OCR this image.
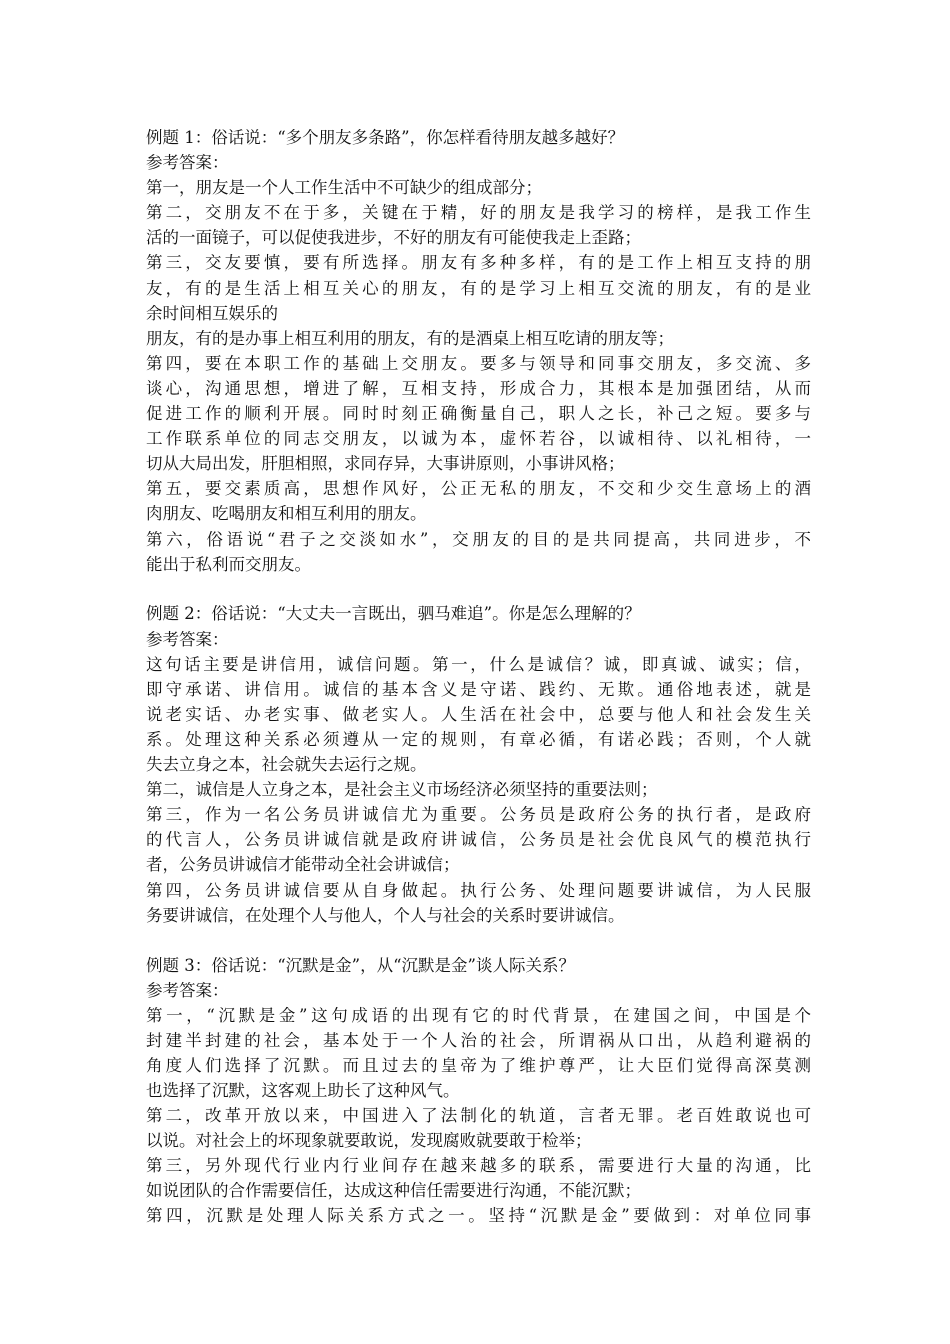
例题 1：俗话说：“多个朋友多条路”，你怎样看待朋友越多越好？
参考答案：
第一，朋友是一个人工作生活中不可缺少的组成部分；
第二，交朋友不在于多，关键在于精，好的朋友是我学习的榜样，是我工作生
活的一面镜子，可以促使我进步，不好的朋友有可能使我走上歪路；
第三，交友要慎，要有所选择。朋友有多种多样，有的是工作上相互支持的朋
友，有的是生活上相互关心的朋友，有的是学习上相互交流的朋友，有的是业
余时间相互娱乐的
朋友，有的是办事上相互利用的朋友，有的是酒桌上相互吃请的朋友等；
第四，要在本职工作的基础上交朋友。要多与领导和同事交朋友，多交流、多
谈心，沟通思想，增进了解，互相支持，形成合力，其根本是加强团结，从而
促进工作的顺利开展。同时时刻正确衡量自己，职人之长，补己之短。要多与
工作联系单位的同志交朋友，以诚为本，虚怀若谷，以诚相待、以礼相待，一
切从大局出发，肝胆相照，求同存异，大事讲原则，小事讲风格；
第五，要交素质高，思想作风好，公正无私的朋友，不交和少交生意场上的酒
肉朋友、吃喝朋友和相互利用的朋友。
第六，俗语说“君子之交淡如水”，交朋友的目的是共同提高，共同进步，不
能出于私利而交朋友。
例题 2：俗话说：“大丈夫一言既出，驷马难追”。你是怎么理解的？
参考答案：
这句话主要是讲信用，诚信问题。第一，什么是诚信？诚，即真诚、诚实；信，
即守承诺、讲信用。诚信的基本含义是守诺、践约、无欺。通俗地表述，就是
说老实话、办老实事、做老实人。人生活在社会中，总要与他人和社会发生关
系。处理这种关系必须遵从一定的规则，有章必循，有诺必践；否则，个人就
失去立身之本，社会就失去运行之规。
第二，诚信是人立身之本，是社会主义市场经济必须坚持的重要法则；
第三，作为一名公务员讲诚信尤为重要。公务员是政府公务的执行者，是政府
的代言人，公务员讲诚信就是政府讲诚信，公务员是社会优良风气的模范执行
者，公务员讲诚信才能带动全社会讲诚信；
第四，公务员讲诚信要从自身做起。执行公务、处理问题要讲诚信，为人民服
务要讲诚信，在处理个人与他人，个人与社会的关系时要讲诚信。
例题 3：俗话说：“沉默是金”，从“沉默是金”谈人际关系？
参考答案：
第一，“沉默是金”这句成语的出现有它的时代背景，在建国之间，中国是个
封建半封建的社会，基本处于一个人治的社会，所谓祸从口出，从趋利避祸的
角度人们选择了沉默。而且过去的皇帝为了维护尊严，让大臣们觉得高深莫测
也选择了沉默，这客观上助长了这种风气。
第二，改革开放以来，中国进入了法制化的轨道，言者无罪。老百姓敢说也可
以说。对社会上的坏现象就要敢说，发现腐败就要敢于检举；
第三，另外现代行业内行业间存在越来越多的联系，需要进行大量的沟通，比
如说团队的合作需要信任，达成这种信任需要进行沟通，不能沉默；
第四，沉默是处理人际关系方式之一。坚持“沉默是金”要做到：对单位同事
